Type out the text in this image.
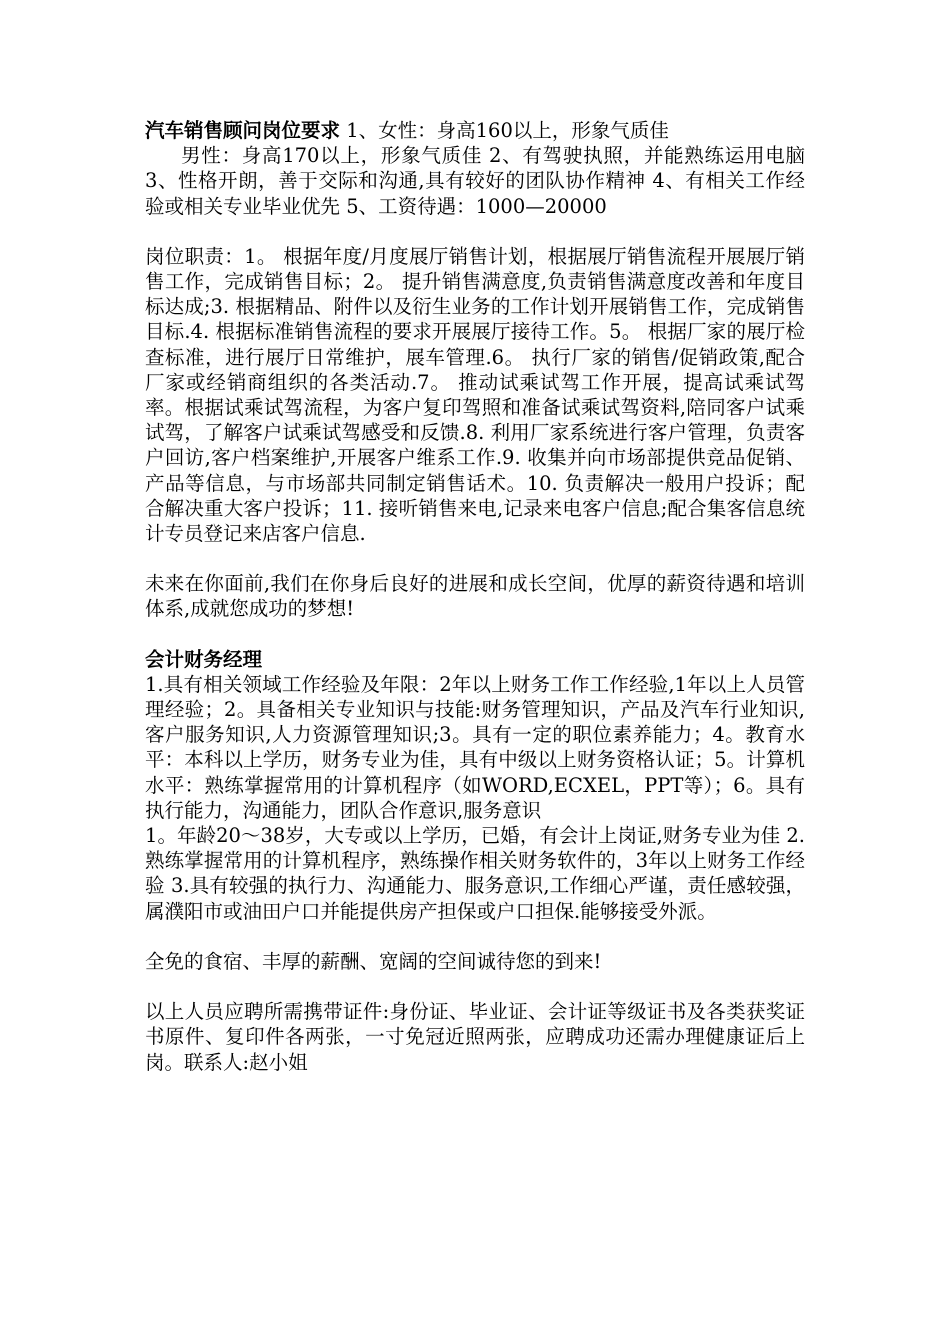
汽车销售顾问岗位要求 1、女性：身高160以上，形象气质佳
男性：身高170以上，形象气质佳 2、有驾驶执照，并能熟练运用电脑 3、性格开朗，善于交际和沟通,具有较好的团队协作精神 4、有相关工作经验或相关专业毕业优先 5、工资待遇：1000—20000

岗位职责：1。 根据年度/月度展厅销售计划，根据展厅销售流程开展展厅销售工作，完成销售目标；2。 提升销售满意度,负责销售满意度改善和年度目标达成;3. 根据精品、附件以及衍生业务的工作计划开展销售工作，完成销售目标.4. 根据标准销售流程的要求开展展厅接待工作。5。 根据厂家的展厅检查标准，进行展厅日常维护，展车管理.6。 执行厂家的销售/促销政策,配合厂家或经销商组织的各类活动.7。 推动试乘试驾工作开展，提高试乘试驾率。根据试乘试驾流程，为客户复印驾照和准备试乘试驾资料,陪同客户试乘试驾，了解客户试乘试驾感受和反馈.8. 利用厂家系统进行客户管理，负责客户回访,客户档案维护,开展客户维系工作.9. 收集并向市场部提供竞品促销、产品等信息，与市场部共同制定销售话术。10. 负责解决一般用户投诉；配合解决重大客户投诉；11. 接听销售来电,记录来电客户信息;配合集客信息统计专员登记来店客户信息.

未来在你面前,我们在你身后良好的进展和成长空间，优厚的薪资待遇和培训体系,成就您成功的梦想!

会计财务经理

1.具有相关领域工作经验及年限：2年以上财务工作工作经验,1年以上人员管理经验；2。具备相关专业知识与技能:财务管理知识，产品及汽车行业知识,客户服务知识,人力资源管理知识;3。具有一定的职位素养能力；4。教育水平：本科以上学历，财务专业为佳，具有中级以上财务资格认证；5。计算机水平：熟练掌握常用的计算机程序（如WORD,ECXEL，PPT等）；6。具有执行能力，沟通能力，团队合作意识,服务意识

1。年龄20～38岁，大专或以上学历，已婚，有会计上岗证,财务专业为佳 2.熟练掌握常用的计算机程序，熟练操作相关财务软件的，3年以上财务工作经验 3.具有较强的执行力、沟通能力、服务意识,工作细心严谨，责任感较强，属濮阳市或油田户口并能提供房产担保或户口担保.能够接受外派。

全免的食宿、丰厚的薪酬、宽阔的空间诚待您的到来!

以上人员应聘所需携带证件:身份证、毕业证、会计证等级证书及各类获奖证书原件、复印件各两张，一寸免冠近照两张，应聘成功还需办理健康证后上岗。联系人:赵小姐
